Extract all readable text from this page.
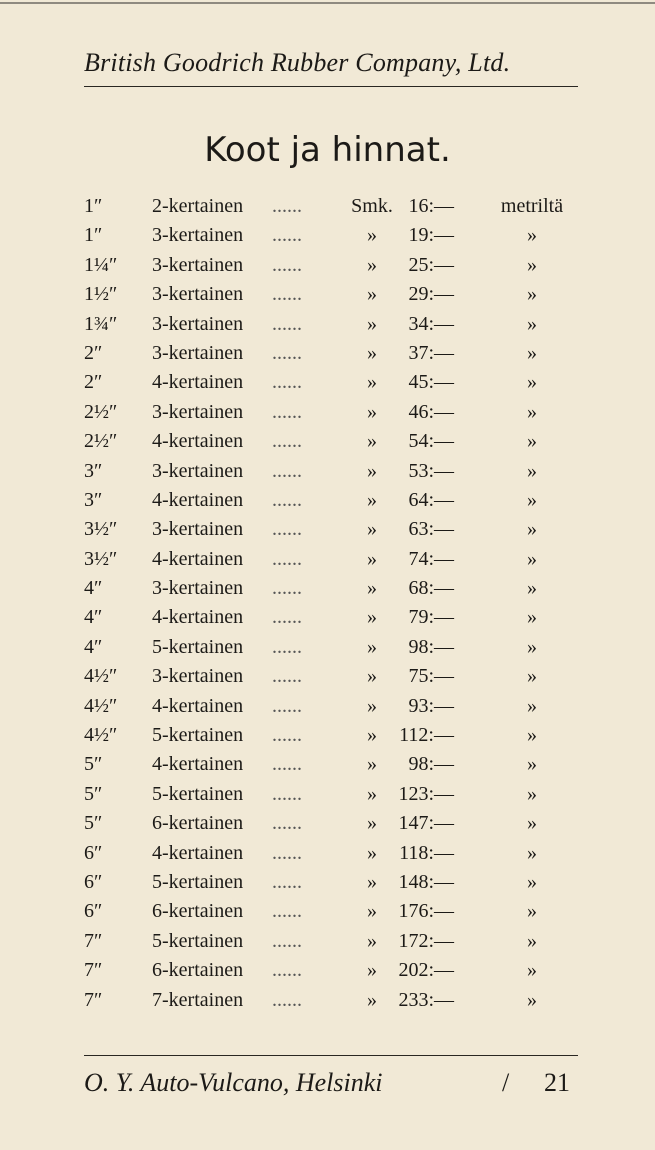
British Goodrich Rubber Company, Ltd.
Koot ja hinnat.
1″ 2-kertainen ...... Smk. 16: —	metriltä
1″ 3-kertainen ......	»	19: —	»
1¼″ 3-kertainen ......	»	25: —	»
1½″ 3-kertainen ......	»	29: —	»
1¾″ 3-kertainen ......	»	34: —	»
2″ 3-kertainen ......	»	37: —	»
2″ 4-kertainen ......	»	45: —	»
2½″ 3-kertainen ......	»	46: —	»
2½″ 4-kertainen ......	»	54: —	»
3″ 3-kertainen ......	»	53: —	»
3″ 4-kertainen ......	»	64: —	»
3½″ 3-kertainen ......	»	63: —	»
3½″ 4-kertainen ......	»	74: —	»
4″ 3-kertainen ......	»	68: —	»
4″ 4-kertainen ......	»	79: —	»
4″ 5-kertainen ......	»	98: —	»
4½″ 3-kertainen ......	»	75: —	»
4½″ 4-kertainen ......	»	93: —	»
4½″ 5-kertainen ......	»	112: —	»
5″ 4-kertainen ......	»	98: —	»
5″ 5-kertainen ......	»	123: —	»
5″ 6-kertainen ......	»	147: —	»
6″ 4-kertainen ......	»	118: —	»
6″ 5-kertainen ......	»	148: —	»
6″ 6-kertainen ......	»	176: —	»
7″ 5-kertainen ......	»	172: —	»
7″ 6-kertainen ......	»	202: —	»
7″ 7-kertainen ......	»	233: —	»
O. Y. Auto-Vulcano, Helsinki	/ 21
